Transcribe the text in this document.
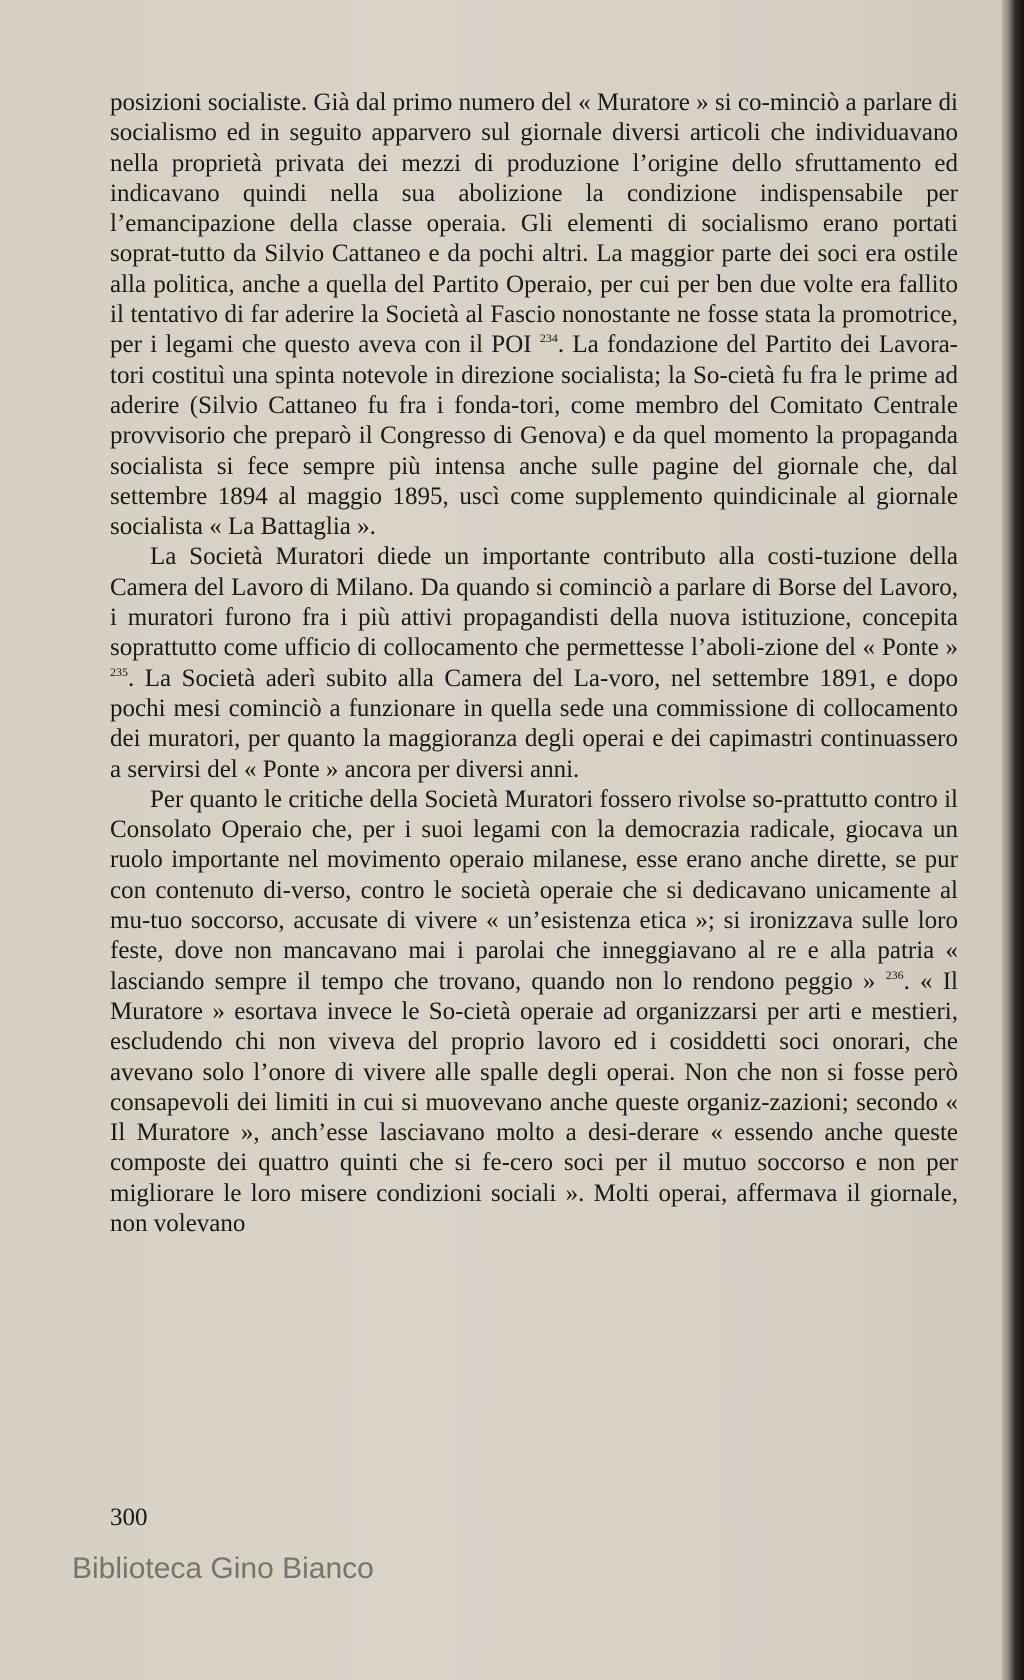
posizioni socialiste. Già dal primo numero del « Muratore » si co-minciò a parlare di socialismo ed in seguito apparvero sul giornale diversi articoli che individuavano nella proprietà privata dei mezzi di produzione l’origine dello sfruttamento ed indicavano quindi nella sua abolizione la condizione indispensabile per l’emancipazione della classe operaia. Gli elementi di socialismo erano portati soprat-tutto da Silvio Cattaneo e da pochi altri. La maggior parte dei soci era ostile alla politica, anche a quella del Partito Operaio, per cui per ben due volte era fallito il tentativo di far aderire la Società al Fascio nonostante ne fosse stata la promotrice, per i legami che questo aveva con il POI $^{234}$. La fondazione del Partito dei Lavora-tori costituì una spinta notevole in direzione socialista; la So-cietà fu fra le prime ad aderire (Silvio Cattaneo fu fra i fonda-tori, come membro del Comitato Centrale provvisorio che preparò il Congresso di Genova) e da quel momento la propaganda socialista si fece sempre più intensa anche sulle pagine del giornale che, dal settembre 1894 al maggio 1895, uscì come supplemento quindicinale al giornale socialista « La Battaglia ».

La Società Muratori diede un importante contributo alla costi-tuzione della Camera del Lavoro di Milano. Da quando si cominciò a parlare di Borse del Lavoro, i muratori furono fra i più attivi propagandisti della nuova istituzione, concepita soprattutto come ufficio di collocamento che permettesse l’aboli-zione del « Ponte » $^{235}$. La Società aderì subito alla Camera del La-voro, nel settembre 1891, e dopo pochi mesi cominciò a funzionare in quella sede una commissione di collocamento dei muratori, per quanto la maggioranza degli operai e dei capimastri continuassero a servirsi del « Ponte » ancora per diversi anni.

Per quanto le critiche della Società Muratori fossero rivolse so-prattutto contro il Consolato Operaio che, per i suoi legami con la democrazia radicale, giocava un ruolo importante nel movimento operaio milanese, esse erano anche dirette, se pur con contenuto di-verso, contro le società operaie che si dedicavano unicamente al mu-tuo soccorso, accusate di vivere « un’esistenza etica »; si ironizzava sulle loro feste, dove non mancavano mai i parolai che inneggiavano al re e alla patria « lasciando sempre il tempo che trovano, quando non lo rendono peggio » $^{236}$. « Il Muratore » esortava invece le So-cietà operaie ad organizzarsi per arti e mestieri, escludendo chi non viveva del proprio lavoro ed i cosiddetti soci onorari, che avevano solo l’onore di vivere alle spalle degli operai. Non che non si fosse però consapevoli dei limiti in cui si muovevano anche queste organiz-zazioni; secondo « Il Muratore », anch’esse lasciavano molto a desi-derare « essendo anche queste composte dei quattro quinti che si fe-cero soci per il mutuo soccorso e non per migliorare le loro misere condizioni sociali ». Molti operai, affermava il giornale, non volevano

300
Biblioteca Gino Bianco
